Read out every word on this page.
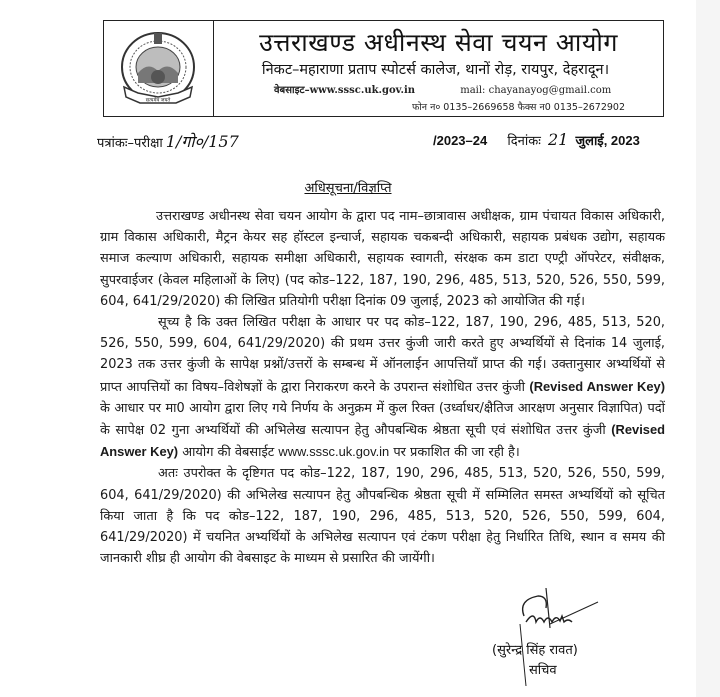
सत्यमेव जयते
उत्तराखण्ड अधीनस्थ सेवा चयन आयोग
निकट–महाराणा प्रताप स्पोटर्स कालेज, थानों रोड़, रायपुर, देहरादून।
वेबसाइट–www.sssc.uk.gov.in	mail: chayanayog@gmail.com
फोन न० 0135–2669658 फैक्स न0 0135–2672902
पत्रांकः–परीक्षा 1/गो०/157	/2023–24 दिनांकः 21 जुलाई, 2023
अधिसूचना/विज्ञप्ति

उत्तराखण्ड अधीनस्थ सेवा चयन आयोग के द्वारा पद नाम–छात्रावास अधीक्षक, ग्राम पंचायत विकास अधिकारी, ग्राम विकास अधिकारी, मैट्रन केयर सह हॉस्टल इन्चार्ज, सहायक चकबन्दी अधिकारी, सहायक प्रबंधक उद्योग, सहायक समाज कल्याण अधिकारी, सहायक समीक्षा अधिकारी, सहायक स्वागती, संरक्षक कम डाटा एण्ट्री ऑपरेटर, संवीक्षक, सुपरवाईजर (केवल महिलाओं के लिए) (पद कोड–122, 187, 190, 296, 485, 513, 520, 526, 550, 599, 604, 641/29/2020) की लिखित प्रतियोगी परीक्षा दिनांक 09 जुलाई, 2023 को आयोजित की गई।

सूच्य है कि उक्त लिखित परीक्षा के आधार पर पद कोड–122, 187, 190, 296, 485, 513, 520, 526, 550, 599, 604, 641/29/2020) की प्रथम उत्तर कुंजी जारी करते हुए अभ्यर्थियों से दिनांक 14 जुलाई, 2023 तक उत्तर कुंजी के सापेक्ष प्रश्नों/उत्तरों के सम्बन्ध में ऑनलाईन आपत्तियाँ प्राप्त की गई। उक्तानुसार अभ्यर्थियों से प्राप्त आपत्तियों का विषय–विशेषज्ञों के द्वारा निराकरण करने के उपरान्त संशोधित उत्तर कुंजी (Revised Answer Key) के आधार पर मा0 आयोग द्वारा लिए गये निर्णय के अनुक्रम में कुल रिक्त (उर्ध्वाधर/क्षैतिज आरक्षण अनुसार विज्ञापित) पदों के सापेक्ष 02 गुना अभ्यर्थियों की अभिलेख सत्यापन हेतु औपबन्धिक श्रेष्ठता सूची एवं संशोधित उत्तर कुंजी (Revised Answer Key) आयोग की वेबसाईट www.sssc.uk.gov.in पर प्रकाशित की जा रही है।

अतः उपरोक्त के दृष्टिगत पद कोड–122, 187, 190, 296, 485, 513, 520, 526, 550, 599, 604, 641/29/2020) की अभिलेख सत्यापन हेतु औपबन्धिक श्रेष्ठता सूची में सम्मिलित समस्त अभ्यर्थियों को सूचित किया जाता है कि पद कोड–122, 187, 190, 296, 485, 513, 520, 526, 550, 599, 604, 641/29/2020) में चयनित अभ्यर्थियों के अभिलेख सत्यापन एवं टंकण परीक्षा हेतु निर्धारित तिथि, स्थान व समय की जानकारी शीघ्र ही आयोग की वेबसाइट के माध्यम से प्रसारित की जायेंगी।

(सुरेन्द्र सिंह रावत)
सचिव
